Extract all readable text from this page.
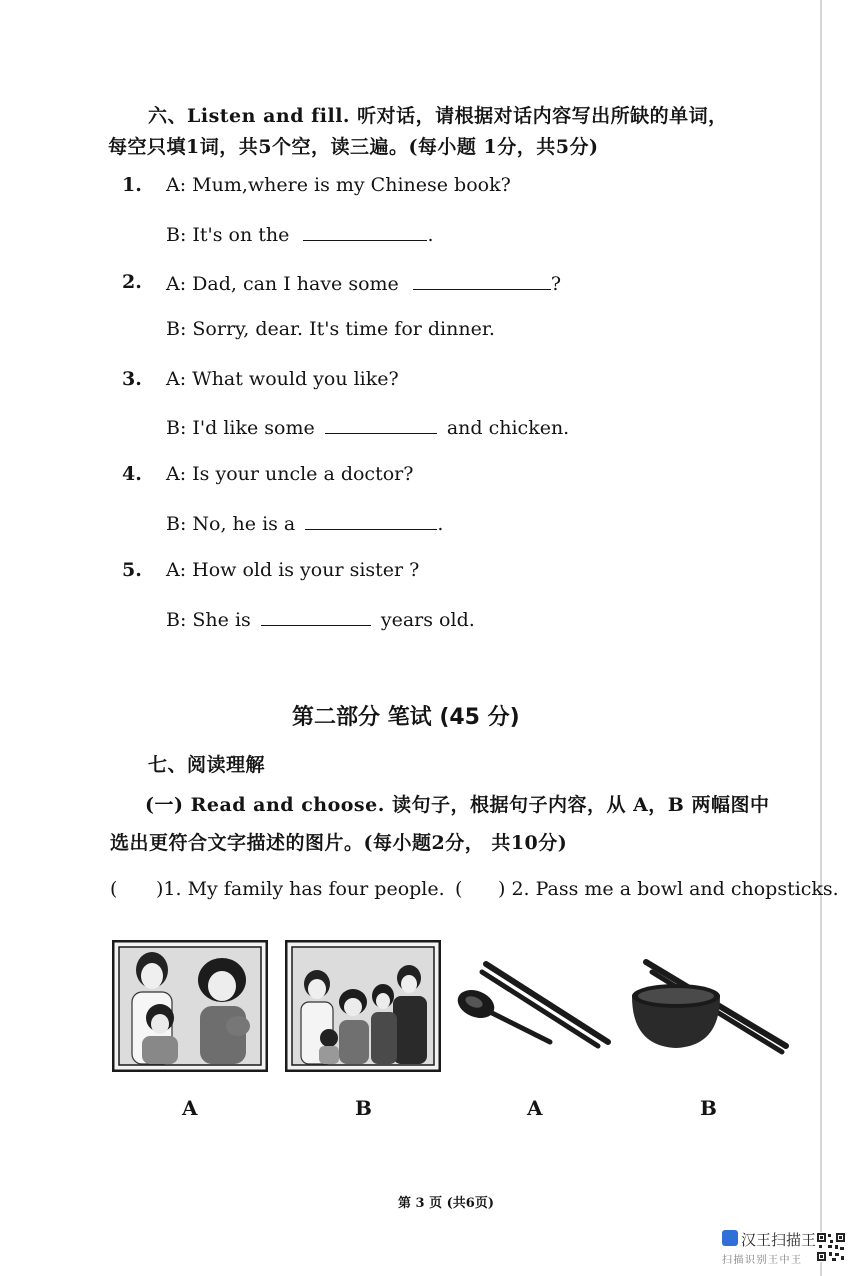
六、Listen and fill. 听对话，请根据对话内容写出所缺的单词，
每空只填1词，共5个空，读三遍。(每小题 1分，共5分)
1. A: Mum,where is my Chinese book?
B: It's on the	.
2. A: Dad, can I have some	?
B: Sorry, dear. It's time for dinner.
3. A: What would you like?
B: I'd like some	and chicken.
4. A: Is your uncle a doctor?
B: No, he is a	.
5. A: How old is your sister ?
B: She is	years old.
第二部分 笔试 (45 分)
七、阅读理解
(一) Read and choose. 读句子，根据句子内容，从 A，B 两幅图中
选出更符合文字描述的图片。(每小题2分， 共10分)
( )1. My family has four people. ( ) 2. Pass me a bowl and chopsticks.
A	B	A	B
第 3 页 (共6页)
汉王扫描王
扫描识别王中王
